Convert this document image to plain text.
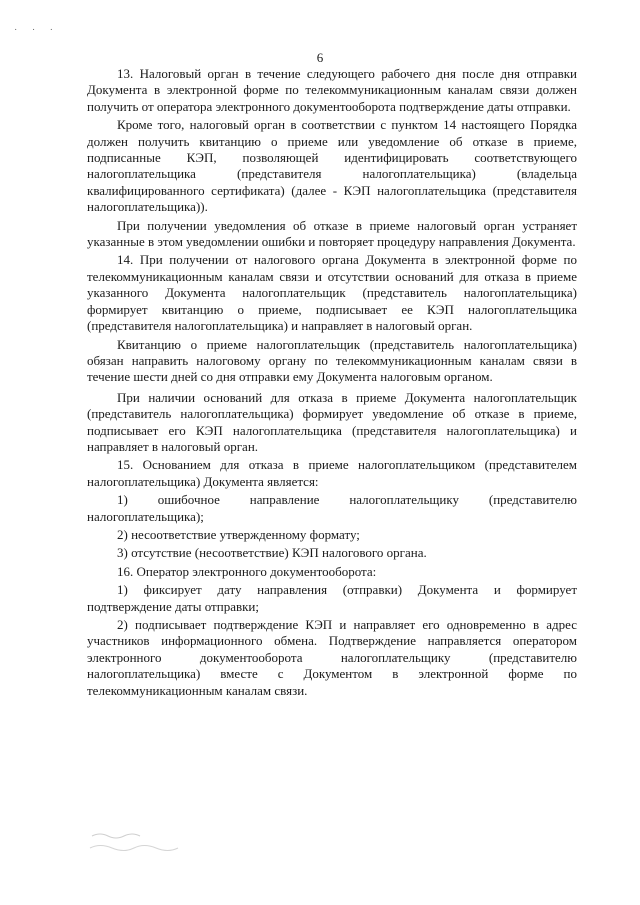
˙ ˙ ˙
6

13. Налоговый орган в течение следующего рабочего дня после дня отправки Документа в электронной форме по телекоммуникационным каналам связи должен получить от оператора электронного документооборота подтверждение даты отправки.

Кроме того, налоговый орган в соответствии с пунктом 14 настоящего Порядка должен получить квитанцию о приеме или уведомление об отказе в приеме, подписанные КЭП, позволяющей идентифицировать соответствующего налогоплательщика (представителя налогоплательщика) (владельца квалифицированного сертификата) (далее - КЭП налогоплательщика (представителя налогоплательщика)).

При получении уведомления об отказе в приеме налоговый орган устраняет указанные в этом уведомлении ошибки и повторяет процедуру направления Документа.

14. При получении от налогового органа Документа в электронной форме по телекоммуникационным каналам связи и отсутствии оснований для отказа в приеме указанного Документа налогоплательщик (представитель налогоплательщика) формирует квитанцию о приеме, подписывает ее КЭП налогоплательщика (представителя налогоплательщика) и направляет в налоговый орган.

Квитанцию о приеме налогоплательщик (представитель налогоплательщика) обязан направить налоговому органу по телекоммуникационным каналам связи в течение шести дней со дня отправки ему Документа налоговым органом.

При наличии оснований для отказа в приеме Документа налогоплательщик (представитель налогоплательщика) формирует уведомление об отказе в приеме, подписывает его КЭП налогоплательщика (представителя налогоплательщика) и направляет в налоговый орган.

15. Основанием для отказа в приеме налогоплательщиком (представителем налогоплательщика) Документа является:

1) ошибочное направление налогоплательщику (представителю налогоплательщика);

2) несоответствие утвержденному формату;

3) отсутствие (несоответствие) КЭП налогового органа.

16. Оператор электронного документооборота:

1) фиксирует дату направления (отправки) Документа и формирует подтверждение даты отправки;

2) подписывает подтверждение КЭП и направляет его одновременно в адрес участников информационного обмена. Подтверждение направляется оператором электронного документооборота налогоплательщику (представителю налогоплательщика) вместе с Документом в электронной форме по телекоммуникационным каналам связи.
